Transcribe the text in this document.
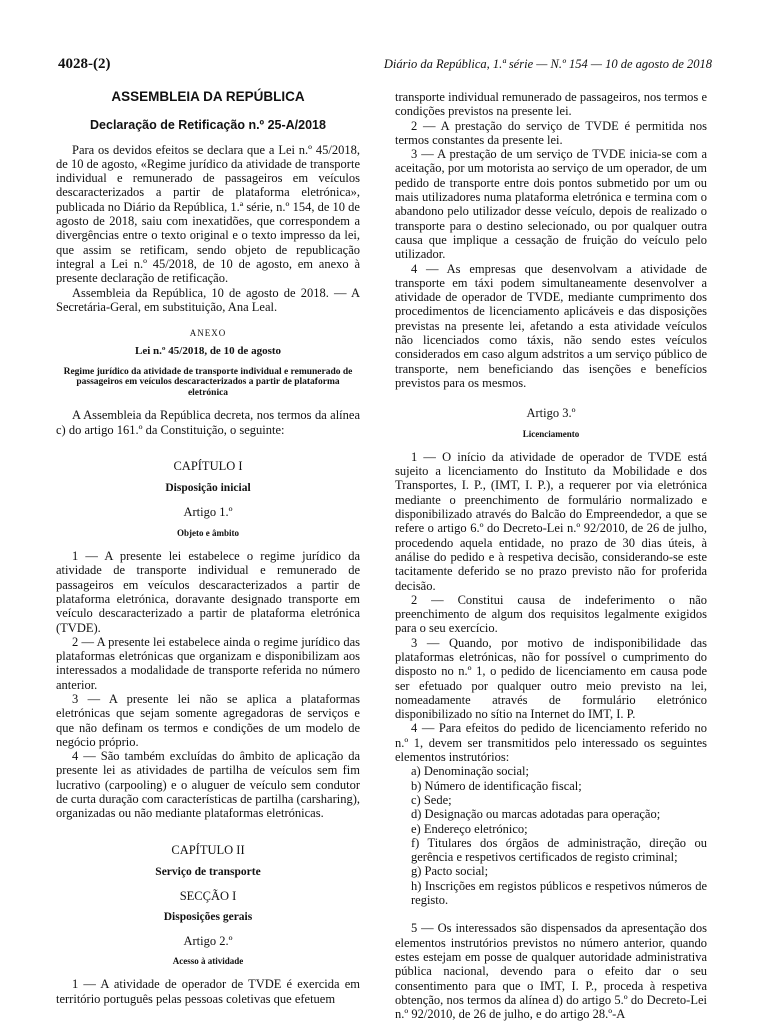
4028-(2)	Diário da República, 1.ª série — N.º 154 — 10 de agosto de 2018
ASSEMBLEIA DA REPÚBLICA
Declaração de Retificação n.º 25-A/2018

Para os devidos efeitos se declara que a Lei n.º 45/2018, de 10 de agosto, «Regime jurídico da atividade de transporte individual e remunerado de passageiros em veículos descaracterizados a partir de plataforma eletrónica», publicada no Diário da República, 1.ª série, n.º 154, de 10 de agosto de 2018, saiu com inexatidões, que correspondem a divergências entre o texto original e o texto impresso da lei, que assim se retificam, sendo objeto de republicação integral a Lei n.º 45/2018, de 10 de agosto, em anexo à presente declaração de retificação.

Assembleia da República, 10 de agosto de 2018. — A Secretária-Geral, em substituição, Ana Leal.

ANEXO
Lei n.º 45/2018, de 10 de agosto
Regime jurídico da atividade de transporte individual e remunerado de passageiros em veículos descaracterizados a partir de plataforma eletrónica

A Assembleia da República decreta, nos termos da alínea c) do artigo 161.º da Constituição, o seguinte:

CAPÍTULO I
Disposição inicial
Artigo 1.º
Objeto e âmbito

1 — A presente lei estabelece o regime jurídico da atividade de transporte individual e remunerado de passageiros em veículos descaracterizados a partir de plataforma eletrónica, doravante designado transporte em veículo descaracterizado a partir de plataforma eletrónica (TVDE).

2 — A presente lei estabelece ainda o regime jurídico das plataformas eletrónicas que organizam e disponibilizam aos interessados a modalidade de transporte referida no número anterior.

3 — A presente lei não se aplica a plataformas eletrónicas que sejam somente agregadoras de serviços e que não definam os termos e condições de um modelo de negócio próprio.

4 — São também excluídas do âmbito de aplicação da presente lei as atividades de partilha de veículos sem fim lucrativo (carpooling) e o aluguer de veículo sem condutor de curta duração com características de partilha (carsharing), organizadas ou não mediante plataformas eletrónicas.

CAPÍTULO II
Serviço de transporte
SECÇÃO I
Disposições gerais
Artigo 2.º
Acesso à atividade

1 — A atividade de operador de TVDE é exercida em território português pelas pessoas coletivas que efetuem

transporte individual remunerado de passageiros, nos termos e condições previstos na presente lei.

2 — A prestação do serviço de TVDE é permitida nos termos constantes da presente lei.

3 — A prestação de um serviço de TVDE inicia-se com a aceitação, por um motorista ao serviço de um operador, de um pedido de transporte entre dois pontos submetido por um ou mais utilizadores numa plataforma eletrónica e termina com o abandono pelo utilizador desse veículo, depois de realizado o transporte para o destino selecionado, ou por qualquer outra causa que implique a cessação de fruição do veículo pelo utilizador.

4 — As empresas que desenvolvam a atividade de transporte em táxi podem simultaneamente desenvolver a atividade de operador de TVDE, mediante cumprimento dos procedimentos de licenciamento aplicáveis e das disposições previstas na presente lei, afetando a esta atividade veículos não licenciados como táxis, não sendo estes veículos considerados em caso algum adstritos a um serviço público de transporte, nem beneficiando das isenções e benefícios previstos para os mesmos.

Artigo 3.º
Licenciamento

1 — O início da atividade de operador de TVDE está sujeito a licenciamento do Instituto da Mobilidade e dos Transportes, I. P., (IMT, I. P.), a requerer por via eletrónica mediante o preenchimento de formulário normalizado e disponibilizado através do Balcão do Empreendedor, a que se refere o artigo 6.º do Decreto-Lei n.º 92/2010, de 26 de julho, procedendo aquela entidade, no prazo de 30 dias úteis, à análise do pedido e à respetiva decisão, considerando-se este tacitamente deferido se no prazo previsto não for proferida decisão.

2 — Constitui causa de indeferimento o não preenchimento de algum dos requisitos legalmente exigidos para o seu exercício.

3 — Quando, por motivo de indisponibilidade das plataformas eletrónicas, não for possível o cumprimento do disposto no n.º 1, o pedido de licenciamento em causa pode ser efetuado por qualquer outro meio previsto na lei, nomeadamente através de formulário eletrónico disponibilizado no sítio na Internet do IMT, I. P.

4 — Para efeitos do pedido de licenciamento referido no n.º 1, devem ser transmitidos pelo interessado os seguintes elementos instrutórios:

a) Denominação social;

b) Número de identificação fiscal;

c) Sede;

d) Designação ou marcas adotadas para operação;

e) Endereço eletrónico;

f) Titulares dos órgãos de administração, direção ou gerência e respetivos certificados de registo criminal;

g) Pacto social;

h) Inscrições em registos públicos e respetivos números de registo.

5 — Os interessados são dispensados da apresentação dos elementos instrutórios previstos no número anterior, quando estes estejam em posse de qualquer autoridade administrativa pública nacional, devendo para o efeito dar o seu consentimento para que o IMT, I. P., proceda à respetiva obtenção, nos termos da alínea d) do artigo 5.º do Decreto-Lei n.º 92/2010, de 26 de julho, e do artigo 28.º-A
